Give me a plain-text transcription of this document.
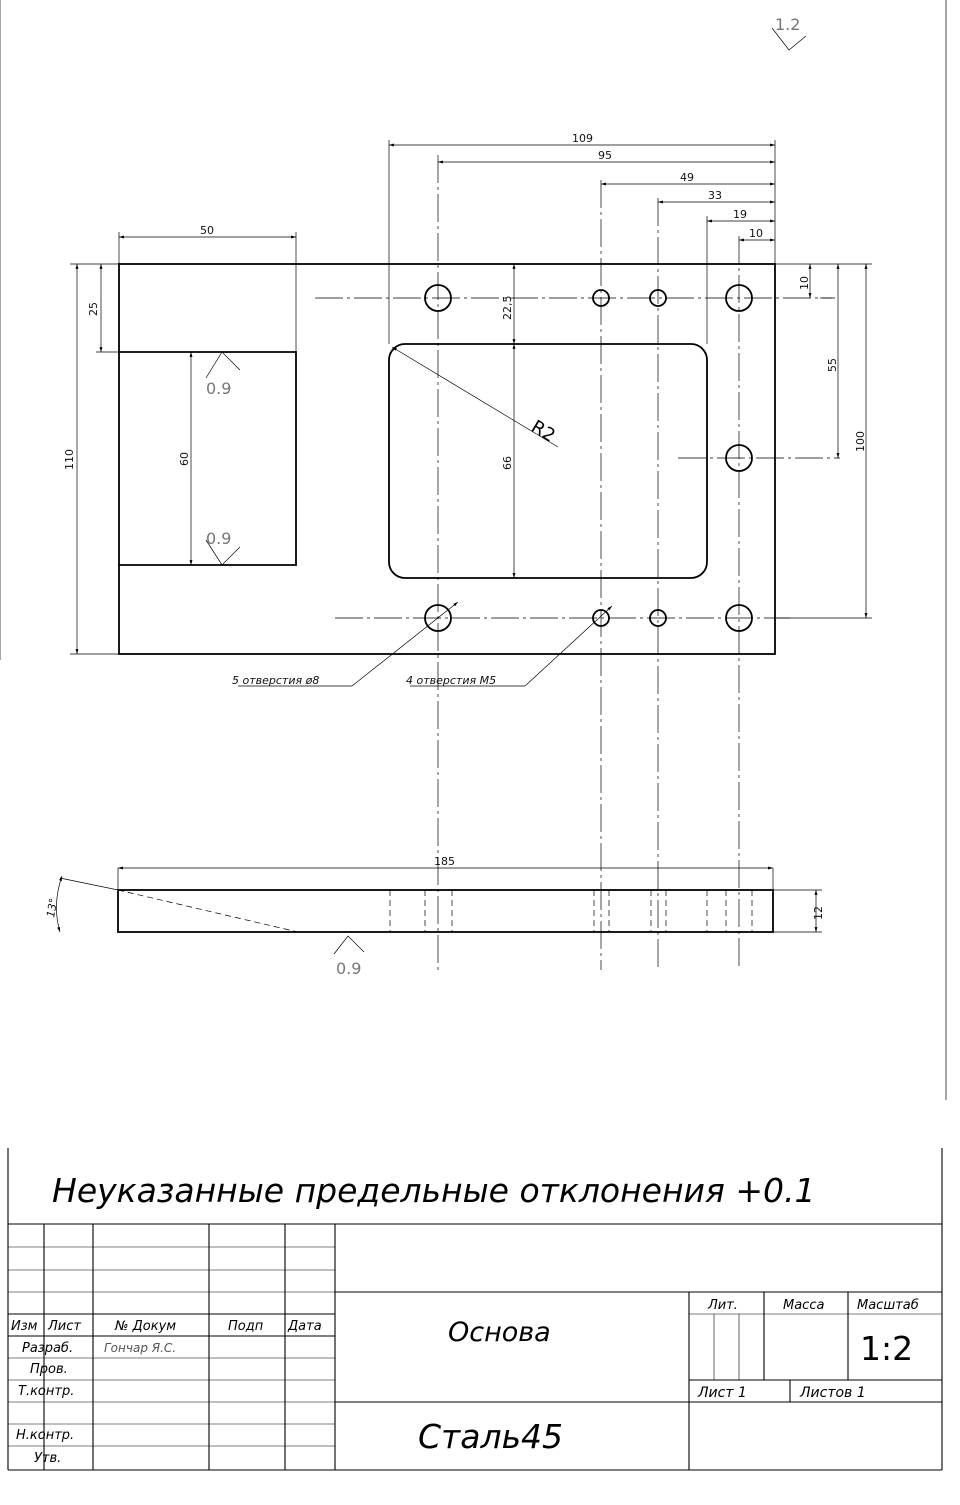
1.2
109
95
49
33
19
10
50
25
110	60
22,5
66
10
55
100
R2
0.9
0.9
5 отверстия ø8	4 отверстия M5
185
12
13°
0.9
Неуказанные предельные отклонения +0.1
Изм Лист	№ Докум	Подп Дата
Разраб.	Гончар Я.С.
Пров.
Т.контр.
Н.контр.
Утв.
Основа
Сталь45
Лит.	Масса	Масштаб
1:2
Лист 1	Листов 1
